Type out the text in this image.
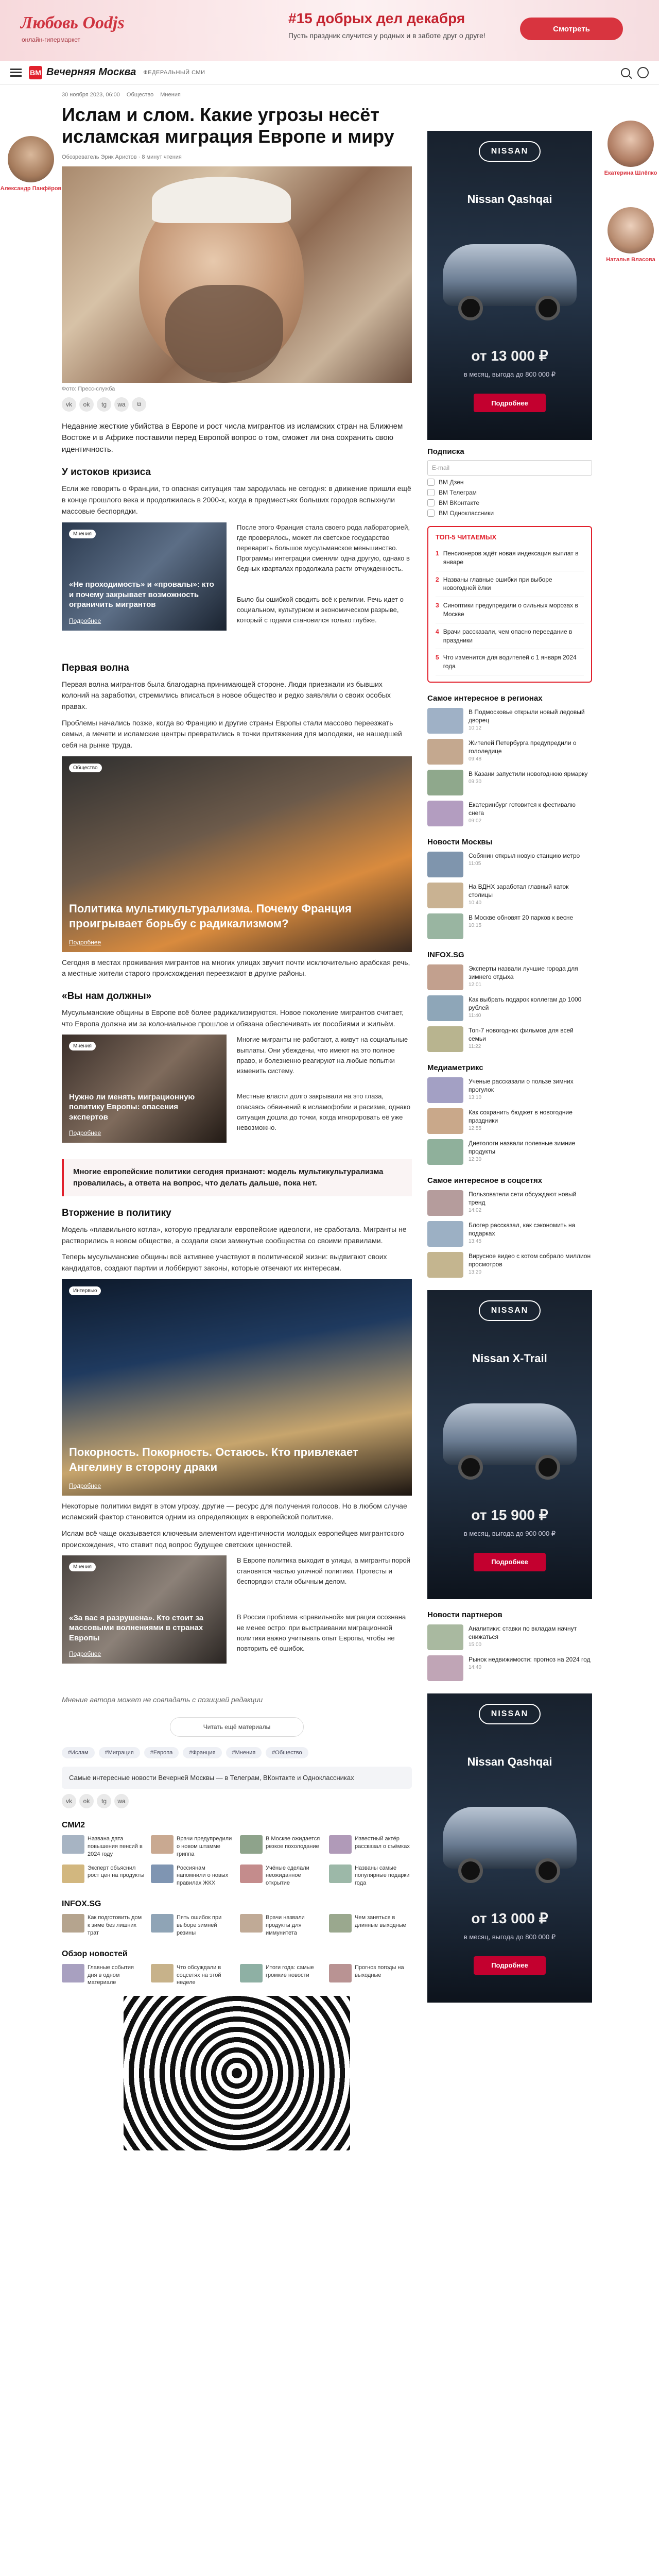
Любовь Oodjs
онлайн-гипермаркет
#15 добрых дел декабря
Пусть праздник случится у родных и в заботе друг о друге!
Смотреть
ВМ Вечерняя Москва ФЕДЕРАЛЬНЫЙ СМИ
Александр Панфёров
30 ноября 2023, 06:00 Общество Мнения
Ислам и слом. Какие угрозы несёт исламская миграция Европе и миру
Обозреватель Эрик Аристов · 8 минут чтения
Фото: Пресс-служба
vk	ok	tg	wa	⧉
Недавние жесткие убийства в Европе и рост числа мигрантов из исламских стран на Ближнем Востоке и в Африке поставили перед Европой вопрос о том, сможет ли она сохранить свою идентичность.
У истоков кризиса

Если же говорить о Франции, то опасная ситуация там зародилась не сегодня: в движение пришли ещё в конце прошлого века и продолжилась в 2000-х, когда в предместьях больших городов вспыхнули массовые беспорядки.

Мнения
«Не проходимость» и «провалы»: кто и почему закрывает возможность ограничить мигрантов
Подробнее
После этого Франция стала своего рода лабораторией, где проверялось, может ли светское государство переварить большое мусульманское меньшинство. Программы интеграции сменяли одна другую, однако в бедных кварталах продолжала расти отчужденность.
Было бы ошибкой сводить всё к религии. Речь идет о социальном, культурном и экономическом разрыве, который с годами становился только глубже.
Первая волна

Первая волна мигрантов была благодарна принимающей стороне. Люди приезжали из бывших колоний на заработки, стремились вписаться в новое общество и редко заявляли о своих особых правах.

Проблемы начались позже, когда во Францию и другие страны Европы стали массово переезжать семьи, а мечети и исламские центры превратились в точки притяжения для молодежи, не нашедшей себя на рынке труда.

Общество
Политика мультикультурализма. Почему Франция проигрывает борьбу с радикализмом?
Подробнее

Сегодня в местах проживания мигрантов на многих улицах звучит почти исключительно арабская речь, а местные жители старого происхождения переезжают в другие районы.

«Вы нам должны»

Мусульманские общины в Европе всё более радикализируются. Новое поколение мигрантов считает, что Европа должна им за колониальное прошлое и обязана обеспечивать их пособиями и жильём.

Мнения
Нужно ли менять миграционную политику Европы: опасения экспертов
Подробнее
Многие мигранты не работают, а живут на социальные выплаты. Они убеждены, что имеют на это полное право, и болезненно реагируют на любые попытки изменить систему.
Местные власти долго закрывали на это глаза, опасаясь обвинений в исламофобии и расизме, однако ситуация дошла до точки, когда игнорировать её уже невозможно.
Многие европейские политики сегодня признают: модель мультикультурализма провалилась, а ответа на вопрос, что делать дальше, пока нет.
Вторжение в политику

Модель «плавильного котла», которую предлагали европейские идеологи, не сработала. Мигранты не растворились в новом обществе, а создали свои замкнутые сообщества со своими правилами.

Теперь мусульманские общины всё активнее участвуют в политической жизни: выдвигают своих кандидатов, создают партии и лоббируют законы, которые отвечают их интересам.

Интервью
Покорность. Покорность. Остаюсь. Кто привлекает Ангелину в сторону драки
Подробнее

Некоторые политики видят в этом угрозу, другие — ресурс для получения голосов. Но в любом случае исламский фактор становится одним из определяющих в европейской политике.

Ислам всё чаще оказывается ключевым элементом идентичности молодых европейцев мигрантского происхождения, что ставит под вопрос будущее светских ценностей.

Мнения
«За вас я разрушена». Кто стоит за массовыми волнениями в странах Европы
Подробнее
В Европе политика выходит в улицы, а мигранты порой становятся частью уличной политики. Протесты и беспорядки стали обычным делом.
В России проблема «правильной» миграции осознана не менее остро: при выстраивании миграционной политики важно учитывать опыт Европы, чтобы не повторить её ошибок.
Мнение автора может не совпадать с позицией редакции
Читать ещё материалы
#Ислам	#Миграция	#Европа	#Франция	#Мнения	#Общество
Самые интересные новости Вечерней Москвы — в Телеграм, ВКонтакте и Одноклассниках
vk	ok	tg	wa
СМИ2
Названа дата повышения пенсий в 2024 году
Врачи предупредили о новом штамме гриппа
В Москве ожидается резкое похолодание
Известный актёр рассказал о съёмках
Эксперт объяснил рост цен на продукты
Россиянам напомнили о новых правилах ЖКХ
Учёные сделали неожиданное открытие
Названы самые популярные подарки года
INFOX.SG
Как подготовить дом к зиме без лишних трат
Пять ошибок при выборе зимней резины
Врачи назвали продукты для иммунитета
Чем заняться в длинные выходные
Обзор новостей
Главные события дня в одном материале
Что обсуждали в соцсетях на этой неделе
Итоги года: самые громкие новости
Прогноз погоды на выходные
NISSAN
Nissan Qashqai
от 13 000 ₽
в месяц, выгода до 800 000 ₽
Подробнее
Подписка
E-mail
ВМ Дзен
ВМ Телеграм
ВМ ВКонтакте
ВМ Одноклассники
ТОП-5 ЧИТАЕМЫХ
1 Пенсионеров ждёт новая индексация выплат в январе
2 Названы главные ошибки при выборе новогодней ёлки
3 Синоптики предупредили о сильных морозах в Москве
4 Врачи рассказали, чем опасно переедание в праздники
5 Что изменится для водителей с 1 января 2024 года
Самое интересное в регионах
В Подмосковье открыли новый ледовый дворец
10:12
Жителей Петербурга предупредили о гололедице
09:48
В Казани запустили новогоднюю ярмарку
09:30
Екатеринбург готовится к фестивалю снега
09:02
Новости Москвы
Собянин открыл новую станцию метро
11:05
На ВДНХ заработал главный каток столицы
10:40
В Москве обновят 20 парков к весне
10:15
INFOX.SG
Эксперты назвали лучшие города для зимнего отдыха
12:01
Как выбрать подарок коллегам до 1000 рублей
11:40
Топ-7 новогодних фильмов для всей семьи
11:22
Медиаметрикс
Ученые рассказали о пользе зимних прогулок
13:10
Как сохранить бюджет в новогодние праздники
12:55
Диетологи назвали полезные зимние продукты
12:30
Самое интересное в соцсетях
Пользователи сети обсуждают новый тренд
14:02
Блогер рассказал, как сэкономить на подарках
13:45
Вирусное видео с котом собрало миллион просмотров
13:20
NISSAN
Nissan X-Trail
от 15 900 ₽
в месяц, выгода до 900 000 ₽
Подробнее
Новости партнеров
Аналитики: ставки по вкладам начнут снижаться
15:00
Рынок недвижимости: прогноз на 2024 год
14:40
NISSAN
Nissan Qashqai
от 13 000 ₽
в месяц, выгода до 800 000 ₽
Подробнее
Екатерина Шлёпко
Наталья Власова
